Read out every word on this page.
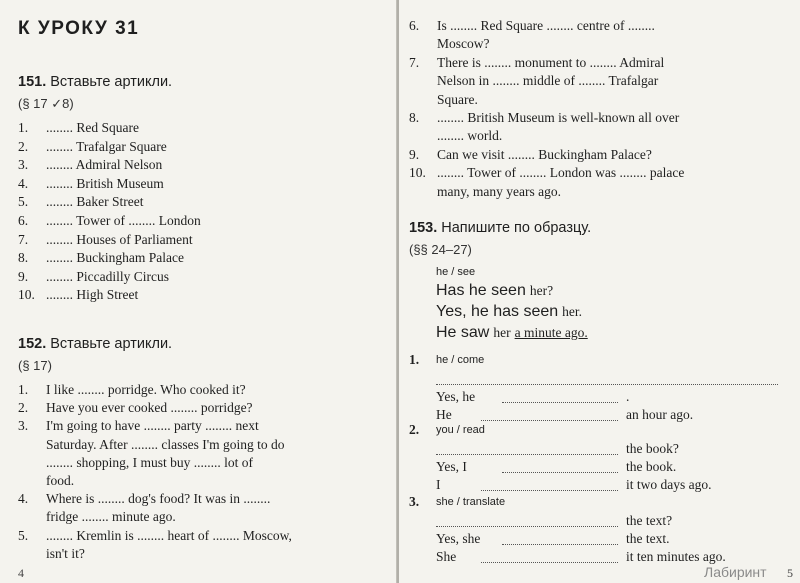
К УРОКУ 31
151. Вставьте артикли.
(§ 17 ✓8)
1. ........ Red Square
2. ........ Trafalgar Square
3. ........ Admiral Nelson
4. ........ British Museum
5. ........ Baker Street
6. ........ Tower of ........ London
7. ........ Houses of Parliament
8. ........ Buckingham Palace
9. ........ Piccadilly Circus
10. ........ High Street
152. Вставьте артикли.
(§ 17)
1. I like ........ porridge. Who cooked it?
2. Have you ever cooked ........ porridge?
3. I'm going to have ........ party ........ next
Saturday. After ........ classes I'm going to do
........ shopping, I must buy ........ lot of
food.
4. Where is ........ dog's food? It was in ........
fridge ........ minute ago.
5. ........ Kremlin is ........ heart of ........ Moscow,
isn't it?
4
6. Is ........ Red Square ........ centre of ........
Moscow?
7. There is ........ monument to ........ Admiral
Nelson in ........ middle of ........ Trafalgar
Square.
8. ........ British Museum is well-known all over
........ world.
9. Can we visit ........ Buckingham Palace?
10. ........ Tower of ........ London was ........ palace
many, many years ago.
153. Напишите по образцу.
(§§ 24–27)
he / see
Has he seen her?
Yes, he has seen her.
He saw her a minute ago.
1. he / come
Yes, he	.
He	an hour ago.
2. you / read
the book?
Yes, I	the book.
I	it two days ago.
3. she / translate
the text?
Yes, she	the text.
She	it ten minutes ago.
Лабиринт 5
